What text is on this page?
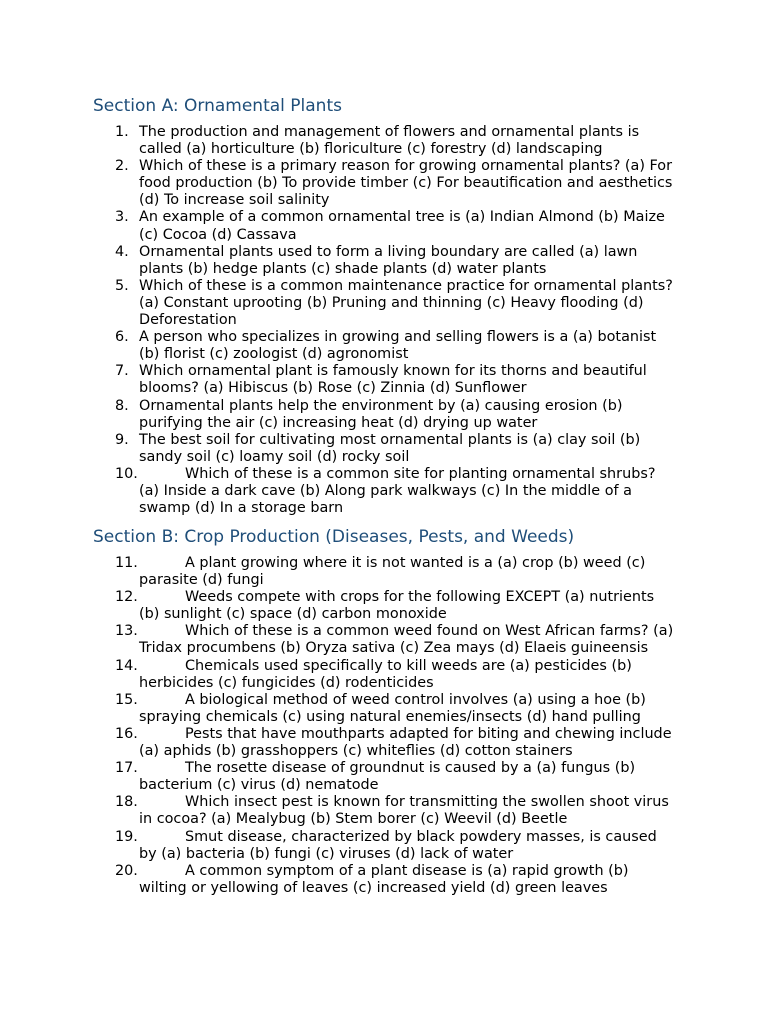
Section A: Ornamental Plants
1. The production and management of flowers and ornamental plants is called (a) horticulture (b) floriculture (c) forestry (d) landscaping
2. Which of these is a primary reason for growing ornamental plants? (a) For food production (b) To provide timber (c) For beautification and aesthetics (d) To increase soil salinity
3. An example of a common ornamental tree is (a) Indian Almond (b) Maize (c) Cocoa (d) Cassava
4. Ornamental plants used to form a living boundary are called (a) lawn plants (b) hedge plants (c) shade plants (d) water plants
5. Which of these is a common maintenance practice for ornamental plants? (a) Constant uprooting (b) Pruning and thinning (c) Heavy flooding (d) Deforestation
6. A person who specializes in growing and selling flowers is a (a) botanist (b) florist (c) zoologist (d) agronomist
7. Which ornamental plant is famously known for its thorns and beautiful blooms? (a) Hibiscus (b) Rose (c) Zinnia (d) Sunflower
8. Ornamental plants help the environment by (a) causing erosion (b) purifying the air (c) increasing heat (d) drying up water
9. The best soil for cultivating most ornamental plants is (a) clay soil (b) sandy soil (c) loamy soil (d) rocky soil
10.	Which of these is a common site for planting ornamental shrubs? (a) Inside a dark cave (b) Along park walkways (c) In the middle of a swamp (d) In a storage barn
Section B: Crop Production (Diseases, Pests, and Weeds)
11.	A plant growing where it is not wanted is a (a) crop (b) weed (c) parasite (d) fungi
12.	Weeds compete with crops for the following EXCEPT (a) nutrients (b) sunlight (c) space (d) carbon monoxide
13.	Which of these is a common weed found on West African farms? (a) Tridax procumbens (b) Oryza sativa (c) Zea mays (d) Elaeis guineensis
14.	Chemicals used specifically to kill weeds are (a) pesticides (b) herbicides (c) fungicides (d) rodenticides
15.	A biological method of weed control involves (a) using a hoe (b) spraying chemicals (c) using natural enemies/insects (d) hand pulling
16.	Pests that have mouthparts adapted for biting and chewing include (a) aphids (b) grasshoppers (c) whiteflies (d) cotton stainers
17.	The rosette disease of groundnut is caused by a (a) fungus (b) bacterium (c) virus (d) nematode
18.	Which insect pest is known for transmitting the swollen shoot virus in cocoa? (a) Mealybug (b) Stem borer (c) Weevil (d) Beetle
19.	Smut disease, characterized by black powdery masses, is caused by (a) bacteria (b) fungi (c) viruses (d) lack of water
20.	A common symptom of a plant disease is (a) rapid growth (b) wilting or yellowing of leaves (c) increased yield (d) green leaves
